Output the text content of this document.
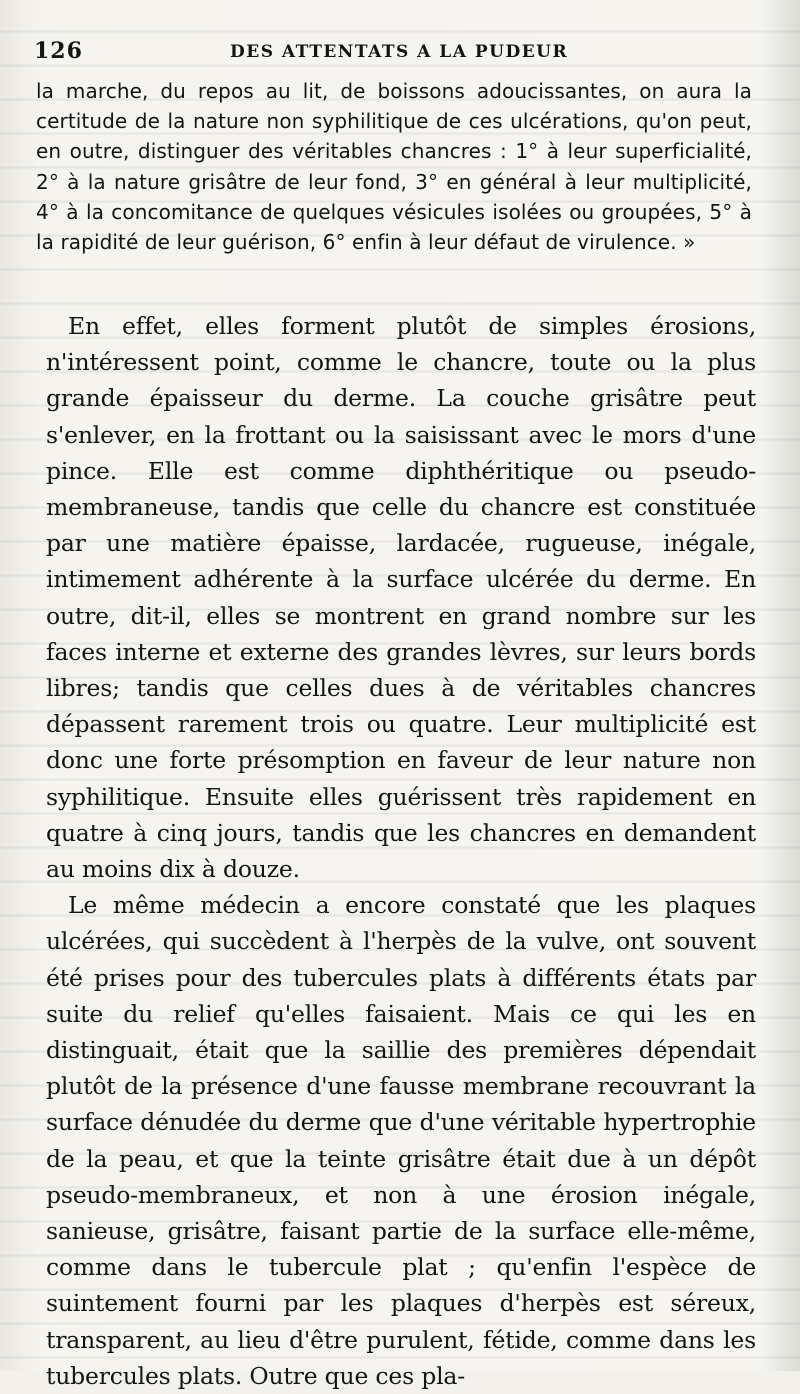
126	DES ATTENTATS A LA PUDEUR
la marche, du repos au lit, de boissons adoucissantes, on aura la certitude de la nature non syphilitique de ces ulcérations, qu'on peut, en outre, distinguer des véritables chancres : 1° à leur superficialité, 2° à la nature grisâtre de leur fond, 3° en général à leur multiplicité, 4° à la concomitance de quelques vésicules isolées ou groupées, 5° à la rapidité de leur guérison, 6° enfin à leur défaut de virulence. »

En effet, elles forment plutôt de simples érosions, n'intéressent point, comme le chancre, toute ou la plus grande épaisseur du derme. La couche grisâtre peut s'enlever, en la frottant ou la saisissant avec le mors d'une pince. Elle est comme diphthéritique ou pseudo-membraneuse, tandis que celle du chancre est constituée par une matière épaisse, lardacée, rugueuse, inégale, intimement adhérente à la surface ulcérée du derme. En outre, dit-il, elles se montrent en grand nombre sur les faces interne et externe des grandes lèvres, sur leurs bords libres; tandis que celles dues à de véritables chancres dépassent rarement trois ou quatre. Leur multiplicité est donc une forte présomption en faveur de leur nature non syphilitique. Ensuite elles guérissent très rapidement en quatre à cinq jours, tandis que les chancres en demandent au moins dix à douze.

Le même médecin a encore constaté que les plaques ulcérées, qui succèdent à l'herpès de la vulve, ont souvent été prises pour des tubercules plats à différents états par suite du relief qu'elles faisaient. Mais ce qui les en distinguait, était que la saillie des premières dépendait plutôt de la présence d'une fausse membrane recouvrant la surface dénudée du derme que d'une véritable hypertrophie de la peau, et que la teinte grisâtre était due à un dépôt pseudo-membraneux, et non à une érosion inégale, sanieuse, grisâtre, faisant partie de la surface elle-même, comme dans le tubercule plat ; qu'enfin l'espèce de suintement fourni par les plaques d'herpès est séreux, transparent, au lieu d'être purulent, fétide, comme dans les tubercules plats. Outre que ces pla-
